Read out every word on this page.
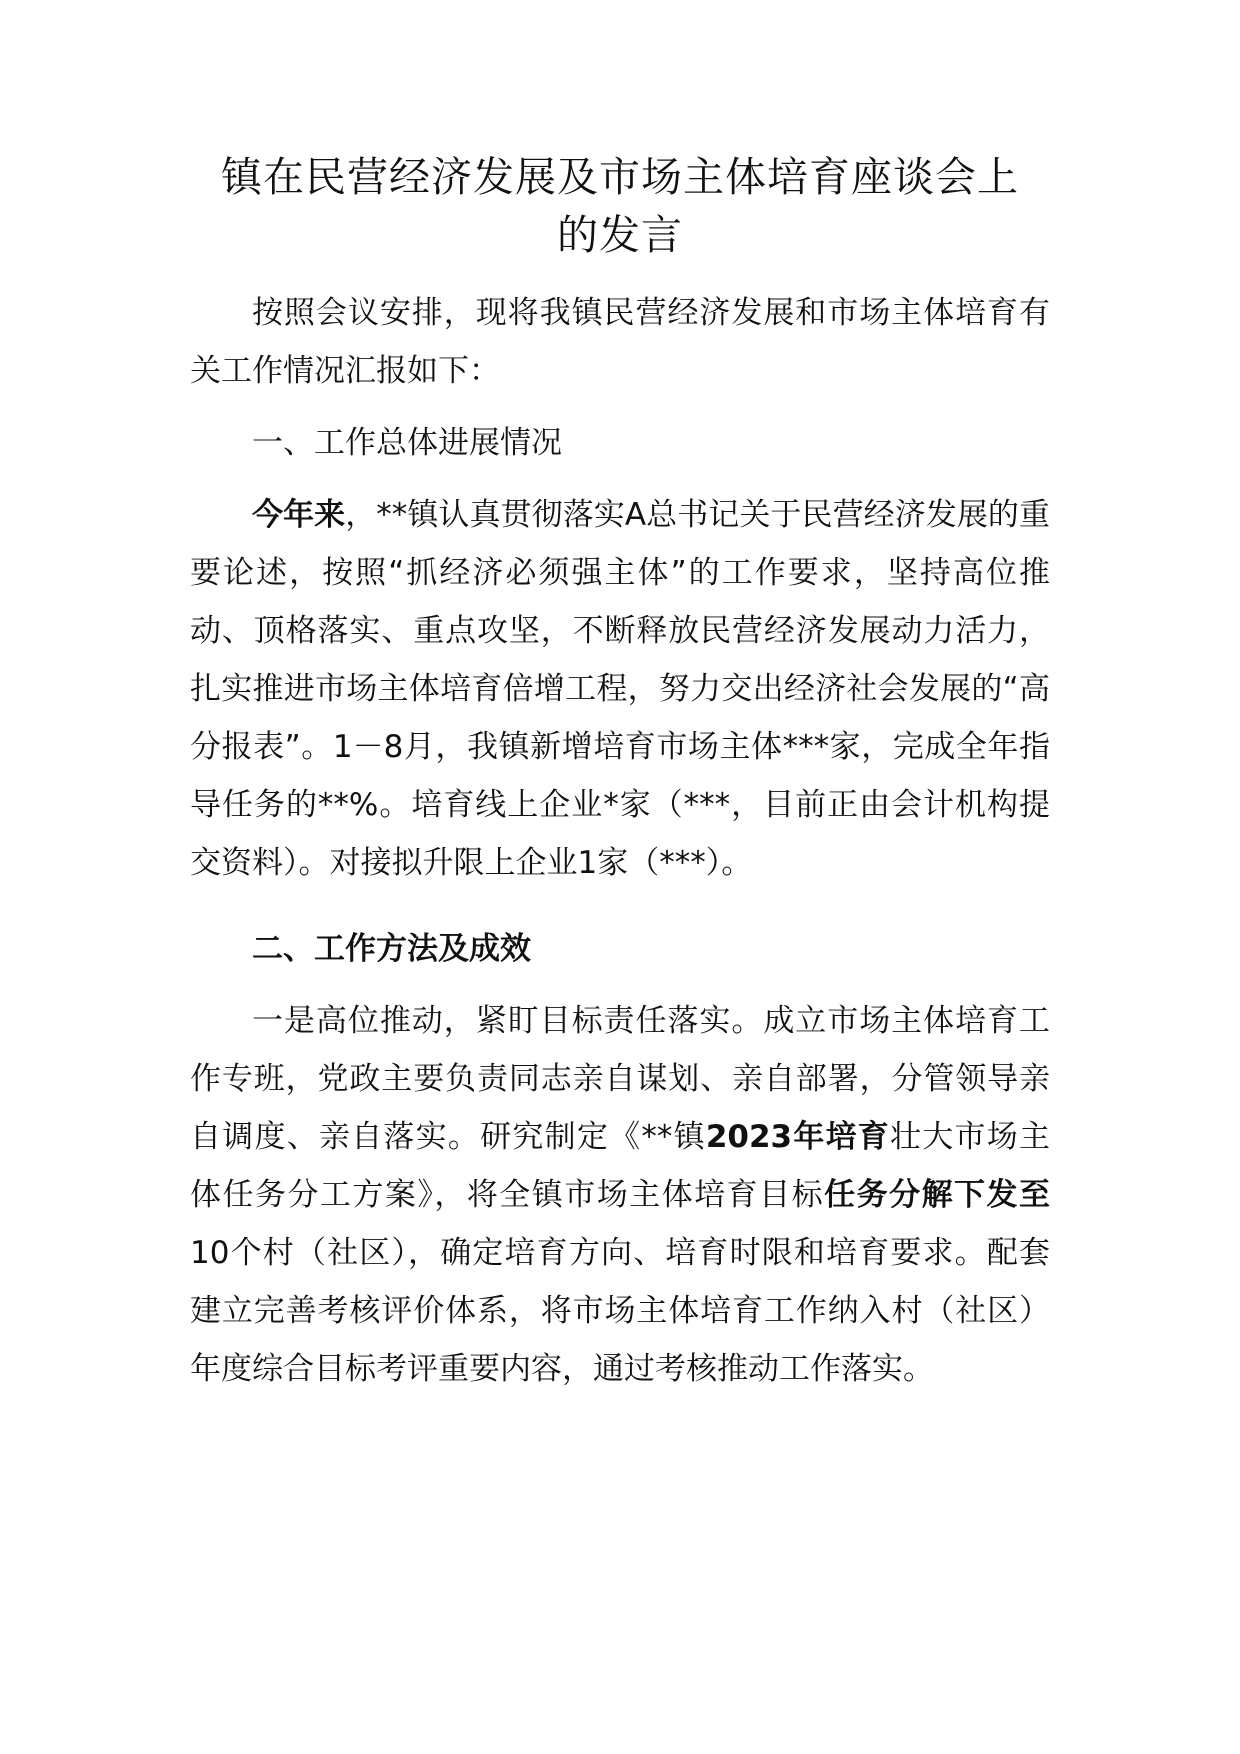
镇在民营经济发展及市场主体培育座谈会上
的发言

按照会议安排，现将我镇民营经济发展和市场主体培育有关工作情况汇报如下：

一、工作总体进展情况

今年来，**镇认真贯彻落实A总书记关于民营经济发展的重要论述，按照“抓经济必须强主体”的工作要求，坚持高位推动、顶格落实、重点攻坚，不断释放民营经济发展动力活力，扎实推进市场主体培育倍增工程，努力交出经济社会发展的“高分报表”。1－8月，我镇新增培育市场主体***家，完成全年指导任务的**%。培育线上企业*家（***，目前正由会计机构提交资料）。对接拟升限上企业1家（***）。

二、工作方法及成效

一是高位推动，紧盯目标责任落实。成立市场主体培育工作专班，党政主要负责同志亲自谋划、亲自部署，分管领导亲自调度、亲自落实。研究制定《**镇2023年培育壮大市场主体任务分工方案》，将全镇市场主体培育目标任务分解下发至10个村（社区），确定培育方向、培育时限和培育要求。配套建立完善考核评价体系，将市场主体培育工作纳入村（社区）年度综合目标考评重要内容，通过考核推动工作落实。
